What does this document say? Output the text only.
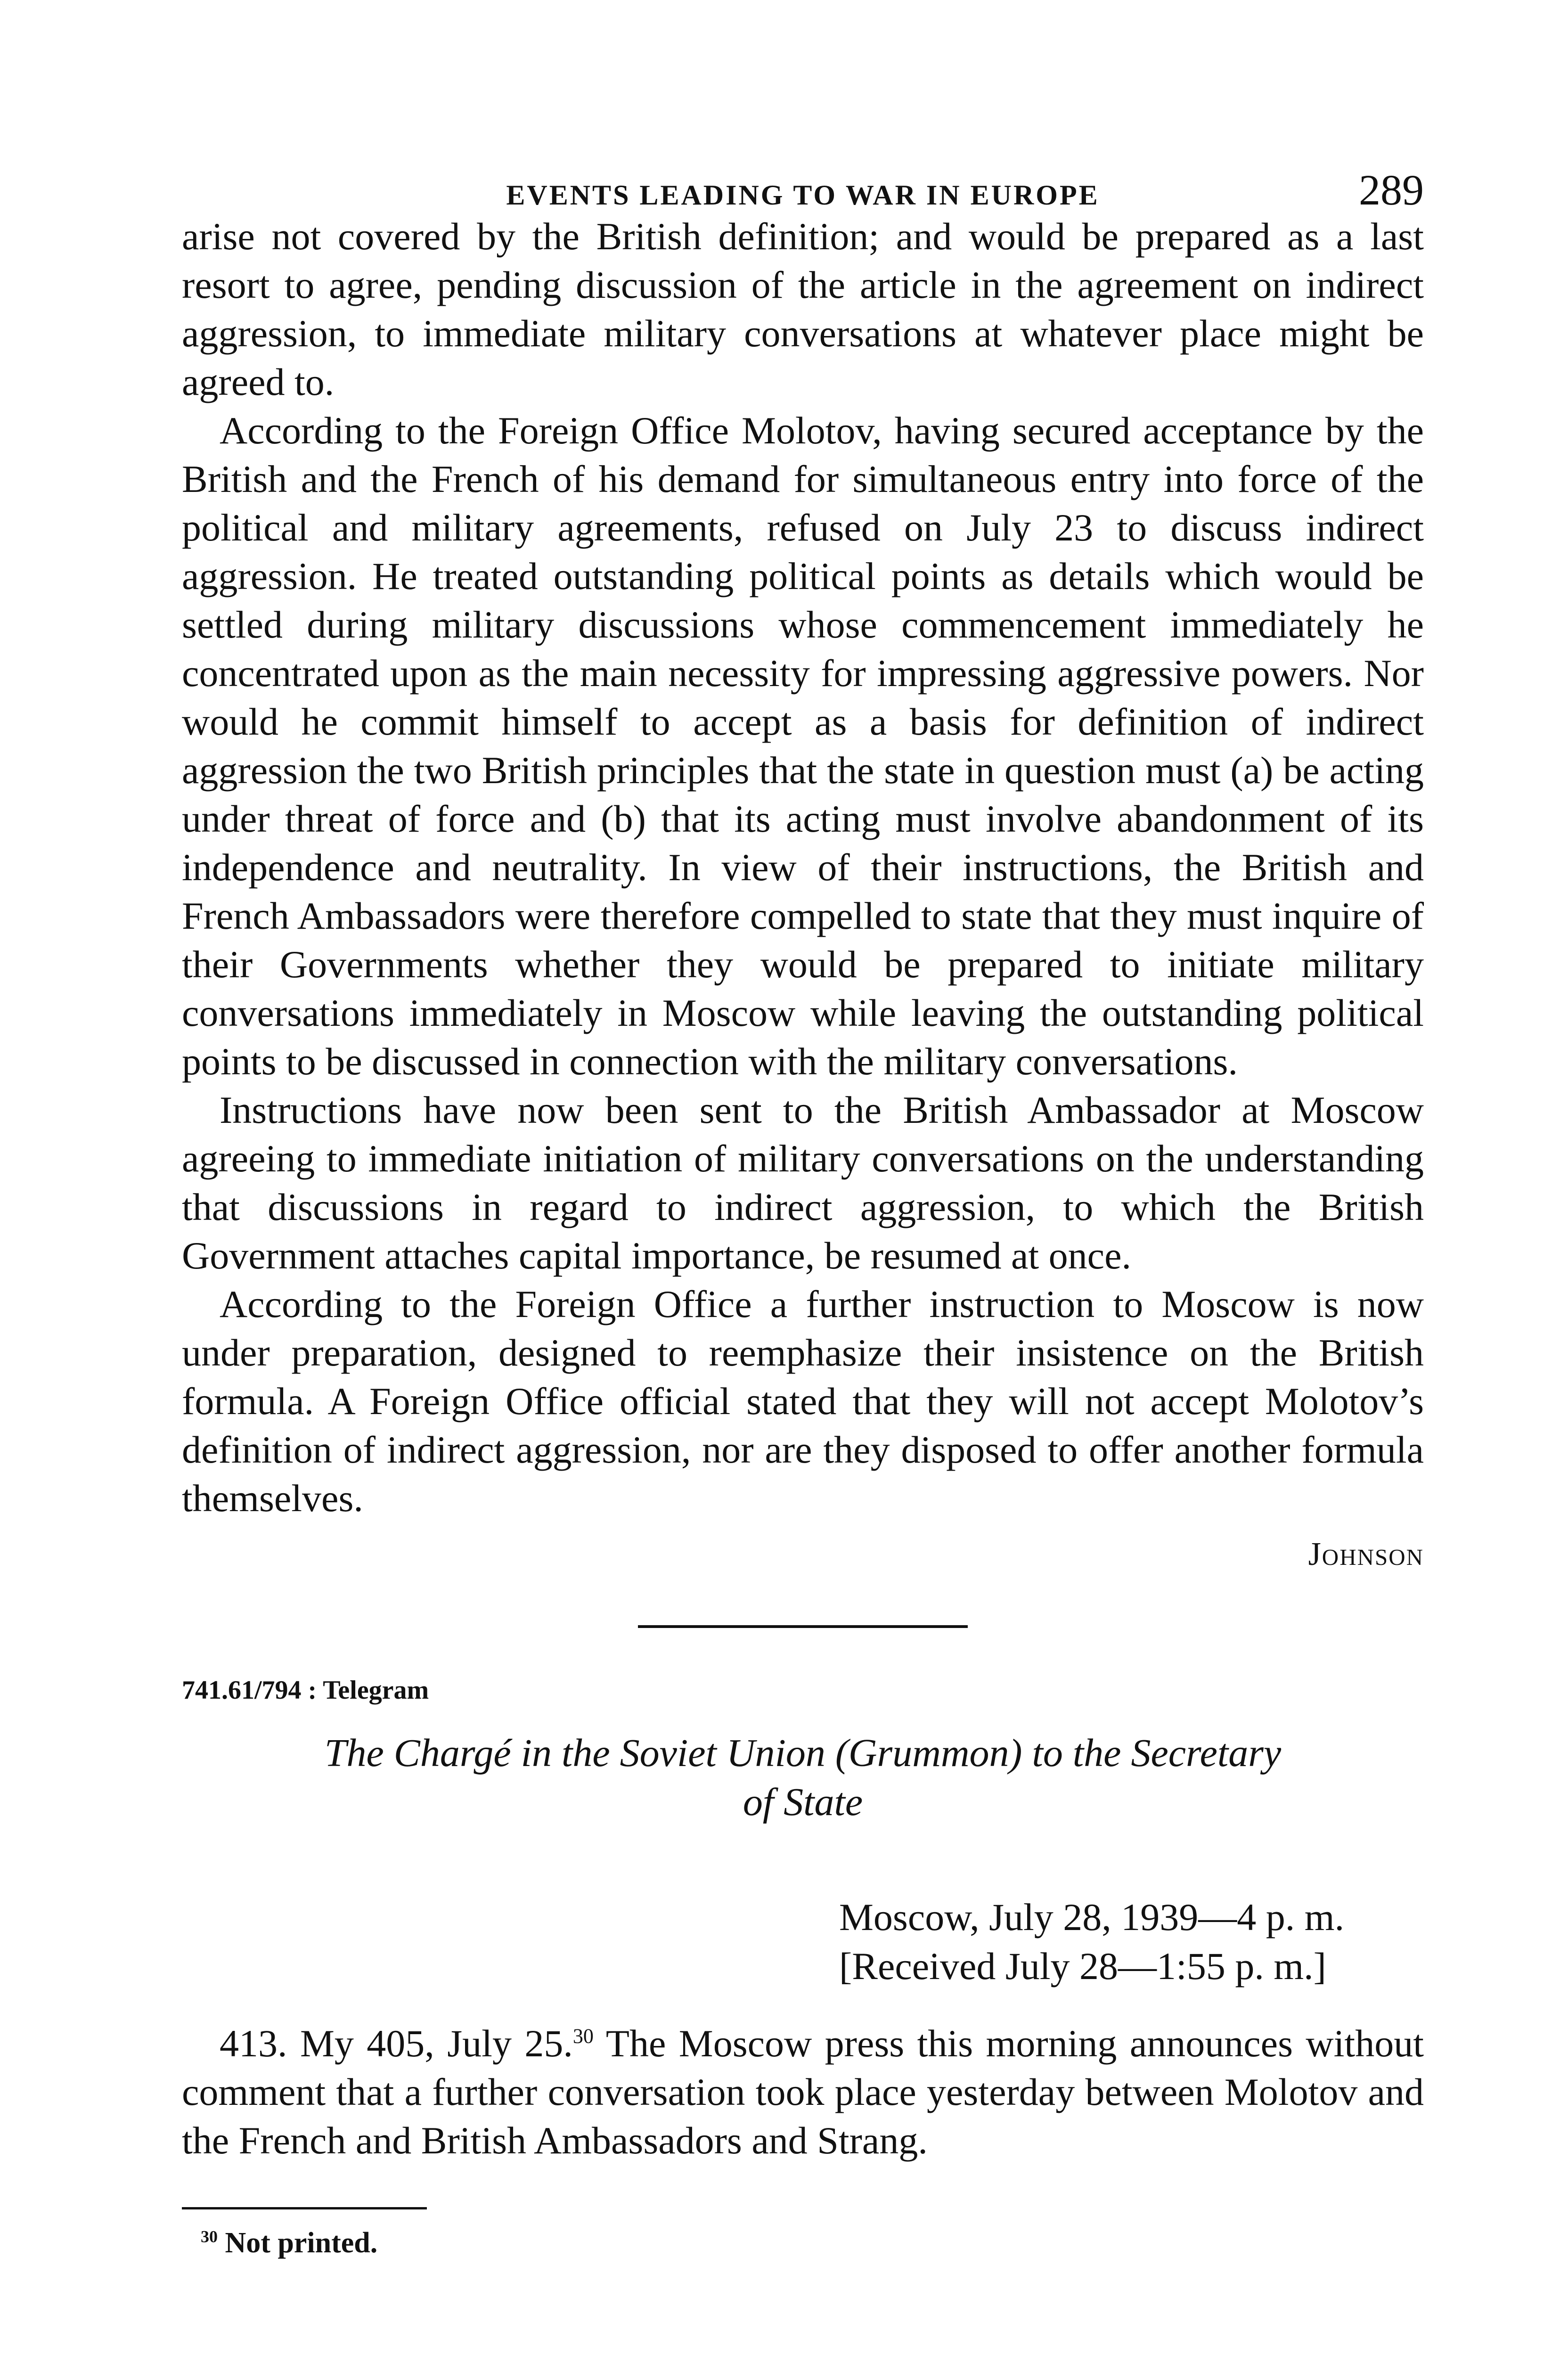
EVENTS LEADING TO WAR IN EUROPE	289

arise not covered by the British definition; and would be prepared as a last resort to agree, pending discussion of the article in the agreement on indirect aggression, to immediate military conversations at whatever place might be agreed to.

According to the Foreign Office Molotov, having secured acceptance by the British and the French of his demand for simultaneous entry into force of the political and military agreements, refused on July 23 to discuss indirect aggression. He treated outstanding political points as details which would be settled during military discussions whose commencement immediately he concentrated upon as the main necessity for impressing aggressive powers. Nor would he commit himself to accept as a basis for definition of indirect aggression the two British principles that the state in question must (a) be acting under threat of force and (b) that its acting must involve abandonment of its independence and neutrality. In view of their instructions, the British and French Ambassadors were therefore compelled to state that they must inquire of their Governments whether they would be prepared to initiate military conversations immediately in Moscow while leaving the outstanding political points to be discussed in connection with the military conversations.

Instructions have now been sent to the British Ambassador at Moscow agreeing to immediate initiation of military conversations on the understanding that discussions in regard to indirect aggression, to which the British Government attaches capital importance, be resumed at once.

According to the Foreign Office a further instruction to Moscow is now under preparation, designed to reemphasize their insistence on the British formula. A Foreign Office official stated that they will not accept Molotov’s definition of indirect aggression, nor are they disposed to offer another formula themselves.

Johnson
741.61/794 : Telegram
The Chargé in the Soviet Union (Grummon) to the Secretary
of State
Moscow, July 28, 1939—4 p. m.
[Received July 28—1:55 p. m.]

413. My 405, July 25.30 The Moscow press this morning announces without comment that a further conversation took place yesterday between Molotov and the French and British Ambassadors and Strang.

$^{30}$ Not printed.
